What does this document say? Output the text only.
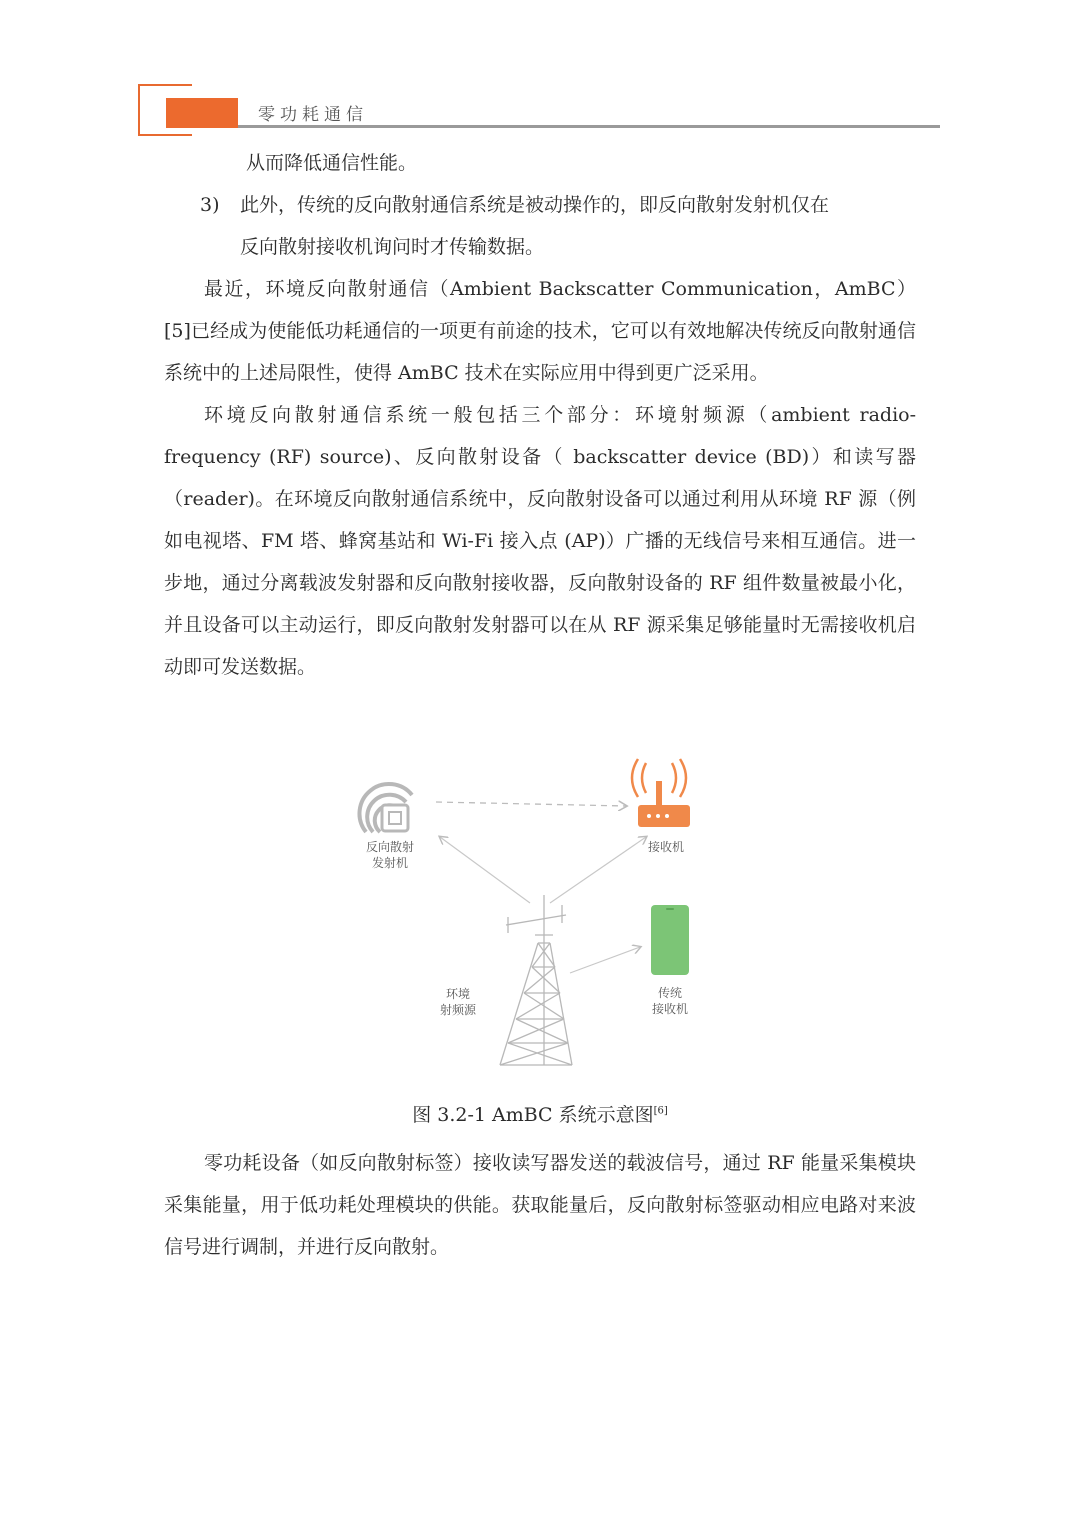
零功耗通信
从而降低通信性能。
3) 此外，传统的反向散射通信系统是被动操作的，即反向散射发射机仅在
反向散射接收机询问时才传输数据。
最近，环境反向散射通信（Ambient Backscatter Communication，AmBC）[5]已经成为使能低功耗通信的一项更有前途的技术，它可以有效地解决传统反向散射通信系统中的上述局限性，使得 AmBC 技术在实际应用中得到更广泛采用。
环境反向散射通信系统一般包括三个部分：环境射频源（ambient radio-frequency (RF) source)、反向散射设备（ backscatter device (BD)）和读写器（reader)。在环境反向散射通信系统中，反向散射设备可以通过利用从环境 RF 源（例如电视塔、FM 塔、蜂窝基站和 Wi-Fi 接入点 (AP)）广播的无线信号来相互通信。进一步地，通过分离载波发射器和反向散射接收器，反向散射设备的 RF 组件数量被最小化，并且设备可以主动运行，即反向散射发射器可以在从 RF 源采集足够能量时无需接收机启动即可发送数据。
反向散射
发射机
接收机
传统
接收机
环境
射频源
图 3.2-1 AmBC 系统示意图[6]
零功耗设备（如反向散射标签）接收读写器发送的载波信号，通过 RF 能量采集模块采集能量，用于低功耗处理模块的供能。获取能量后，反向散射标签驱动相应电路对来波信号进行调制，并进行反向散射。
